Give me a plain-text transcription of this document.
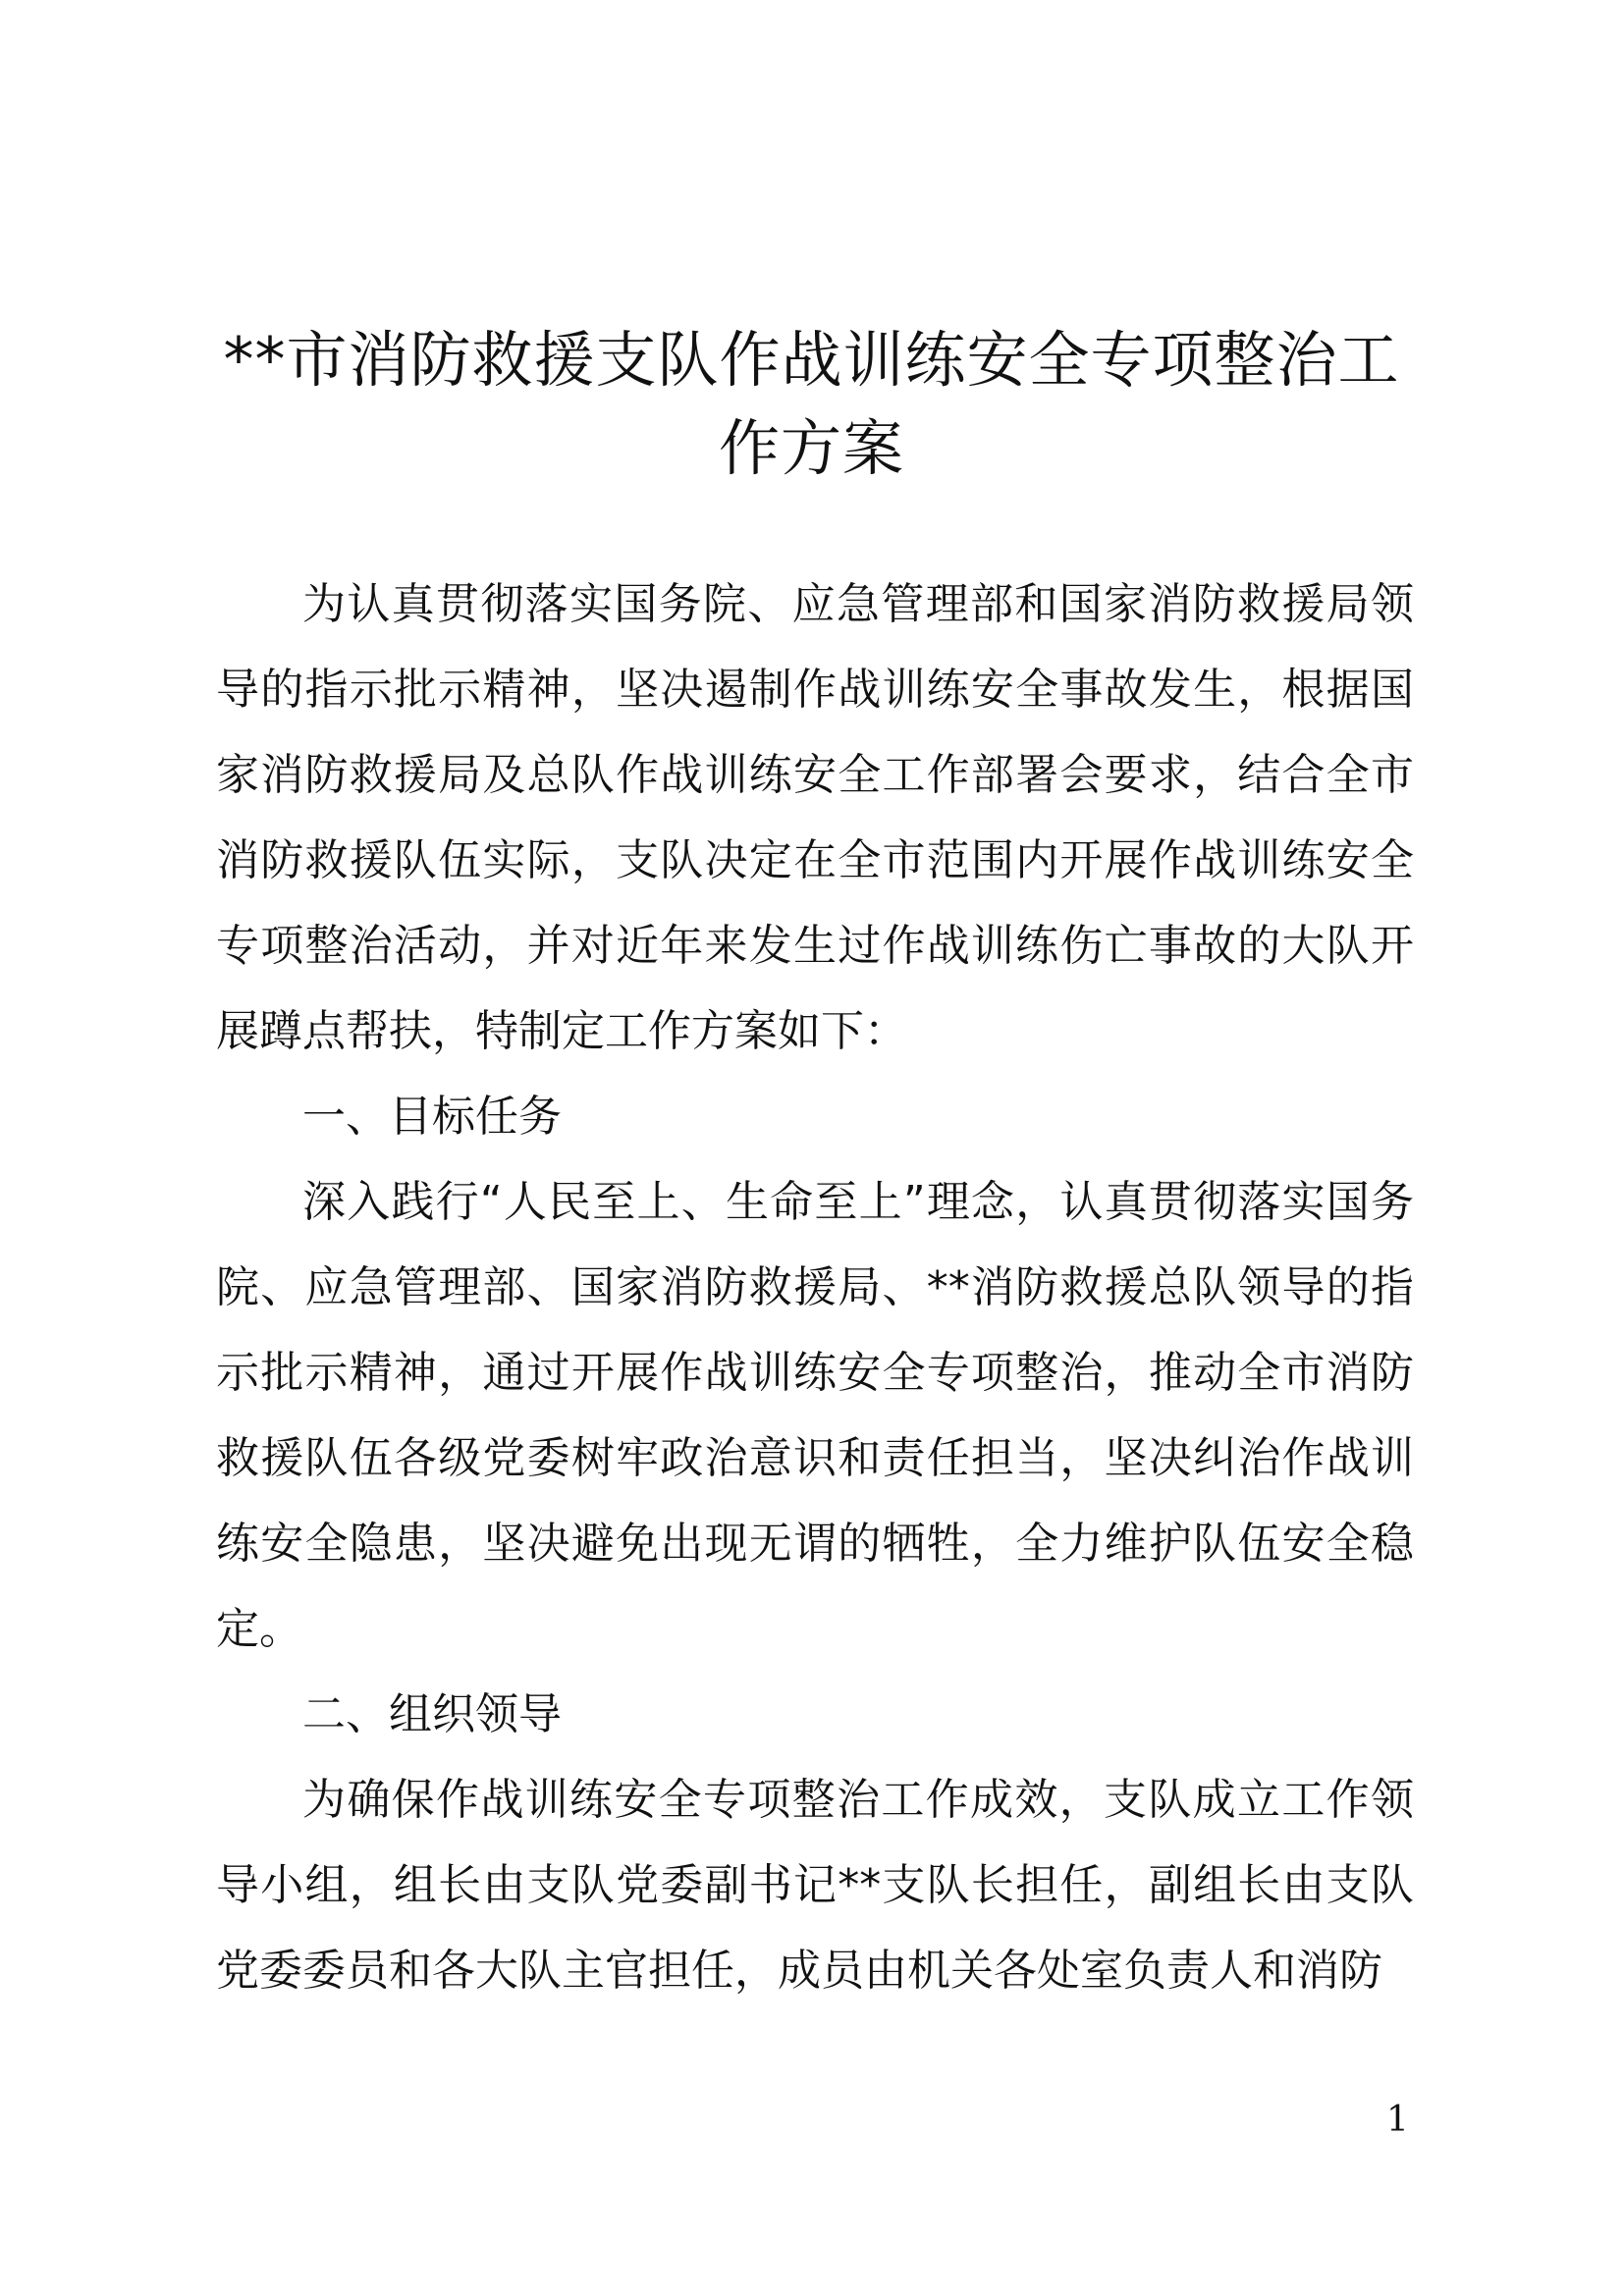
**市消防救援支队作战训练安全专项整治工作方案

为认真贯彻落实国务院、应急管理部和国家消防救援局领导的指示批示精神，坚决遏制作战训练安全事故发生，根据国家消防救援局及总队作战训练安全工作部署会要求，结合全市消防救援队伍实际，支队决定在全市范围内开展作战训练安全专项整治活动，并对近年来发生过作战训练伤亡事故的大队开展蹲点帮扶，特制定工作方案如下：

一、目标任务

深入践行“人民至上、生命至上”理念，认真贯彻落实国务院、应急管理部、国家消防救援局、**消防救援总队领导的指示批示精神，通过开展作战训练安全专项整治，推动全市消防救援队伍各级党委树牢政治意识和责任担当，坚决纠治作战训练安全隐患，坚决避免出现无谓的牺牲，全力维护队伍安全稳定。

二、组织领导

为确保作战训练安全专项整治工作成效，支队成立工作领导小组，组长由支队党委副书记**支队长担任，副组长由支队党委委员和各大队主官担任，成员由机关各处室负责人和消防

1
